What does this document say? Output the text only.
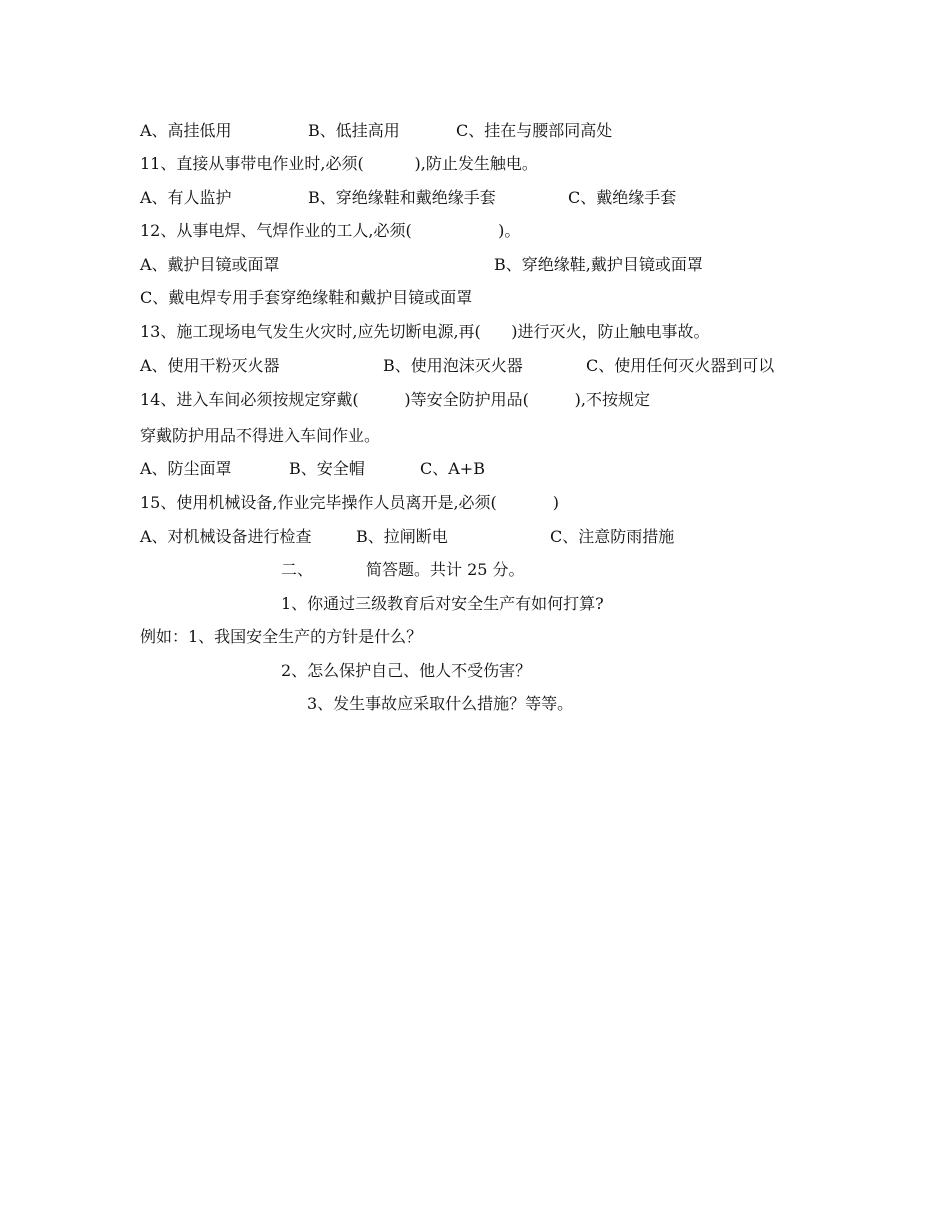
A、高挂低用	B、低挂高用	C、挂在与腰部同高处
11、直接从事带电作业时,必须(          ),防止发生触电。
A、有人监护	B、穿绝缘鞋和戴绝缘手套	C、戴绝缘手套
12、从事电焊、气焊作业的工人,必须(                 )。
A、戴护目镜或面罩	B、穿绝缘鞋,戴护目镜或面罩
C、戴电焊专用手套穿绝缘鞋和戴护目镜或面罩
13、施工现场电气发生火灾时,应先切断电源,再(      )进行灭火，防止触电事故。
A、使用干粉灭火器	B、使用泡沫灭火器	C、使用任何灭火器到可以
14、进入车间必须按规定穿戴(         )等安全防护用品(         ),不按规定
穿戴防护用品不得进入车间作业。
A、防尘面罩	B、安全帽	C、A+B
15、使用机械设备,作业完毕操作人员离开是,必须(           )
A、对机械设备进行检查	B、拉闸断电	C、注意防雨措施
二、	简答题。共计 25 分。
1、你通过三级教育后对安全生产有如何打算?
例如：1、我国安全生产的方针是什么？
2、怎么保护自己、他人不受伤害？
3、发生事故应采取什么措施？等等。
